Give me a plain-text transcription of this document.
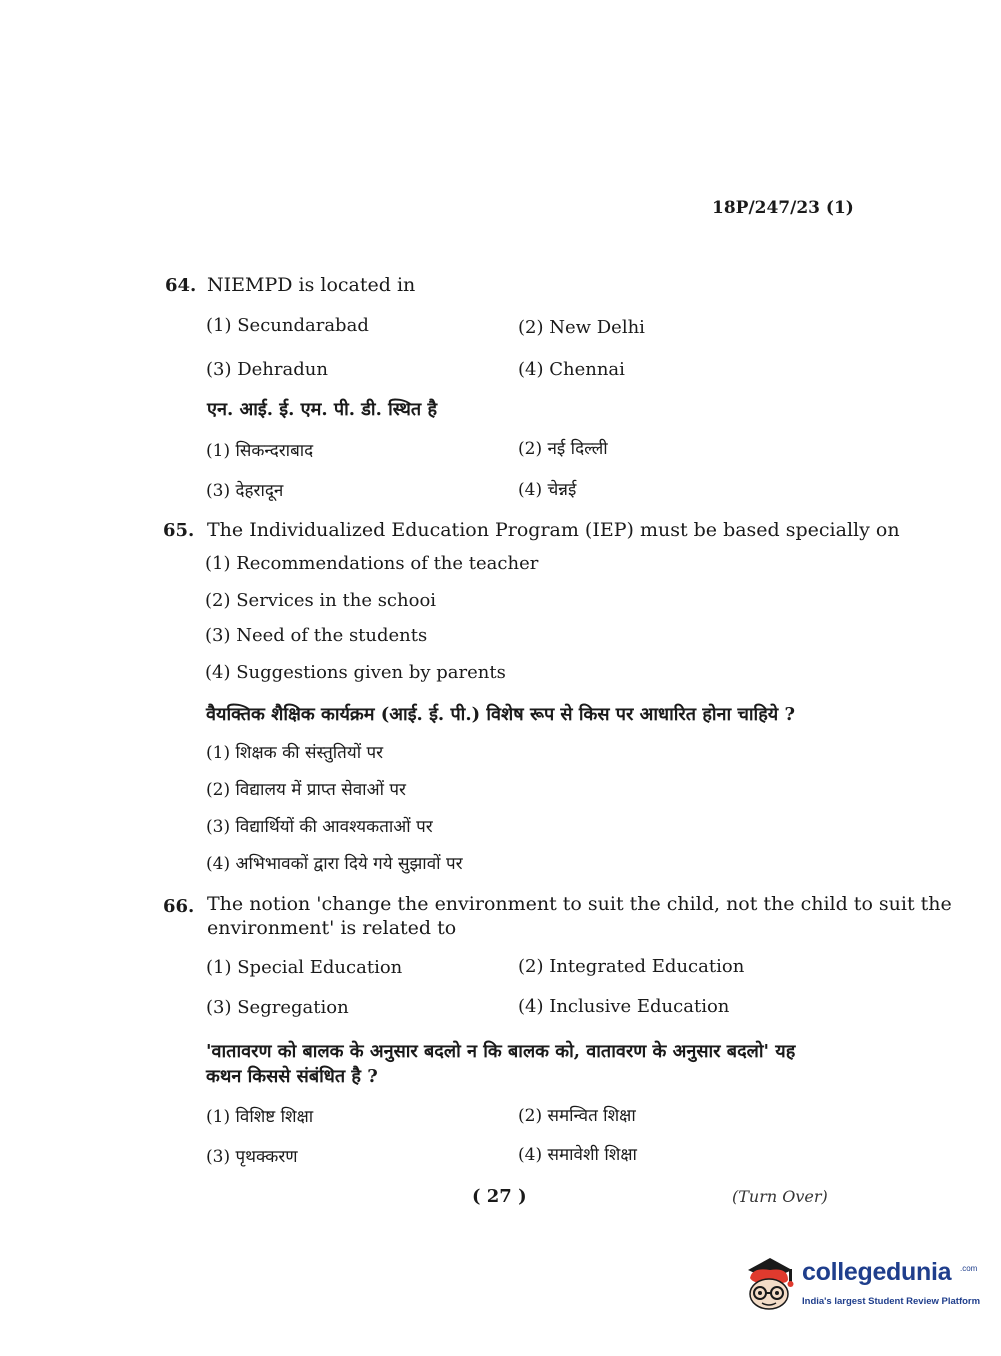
18P/247/23 (1)
64. NIEMPD is located in
(1) Secundarabad	(2) New Delhi
(3) Dehradun	(4) Chennai
एन. आई. ई. एम. पी. डी. स्थित है
(1) सिकन्दराबाद	(2) नई दिल्ली
(3) देहरादून	(4) चेन्नई
65. The Individualized Education Program (IEP) must be based specially on
(1) Recommendations of the teacher
(2) Services in the schooi
(3) Need of the students
(4) Suggestions given by parents
वैयक्तिक शैक्षिक कार्यक्रम (आई. ई. पी.) विशेष रूप से किस पर आधारित होना चाहिये ?
(1) शिक्षक की संस्तुतियों पर
(2) विद्यालय में प्राप्त सेवाओं पर
(3) विद्यार्थियों की आवश्यकताओं पर
(4) अभिभावकों द्वारा दिये गये सुझावों पर
66. The notion 'change the environment to suit the child, not the child to suit the
environment' is related to
(1) Special Education	(2) Integrated Education
(3) Segregation	(4) Inclusive Education
'वातावरण को बालक के अनुसार बदलो न कि बालक को, वातावरण के अनुसार बदलो' यह
कथन किससे संबंधित है ?
(1) विशिष्ट शिक्षा	(2) समन्वित शिक्षा
(3) पृथक्करण	(4) समावेशी शिक्षा
( 27 )	(Turn Over)
collegedunia .com
India's largest Student Review Platform
